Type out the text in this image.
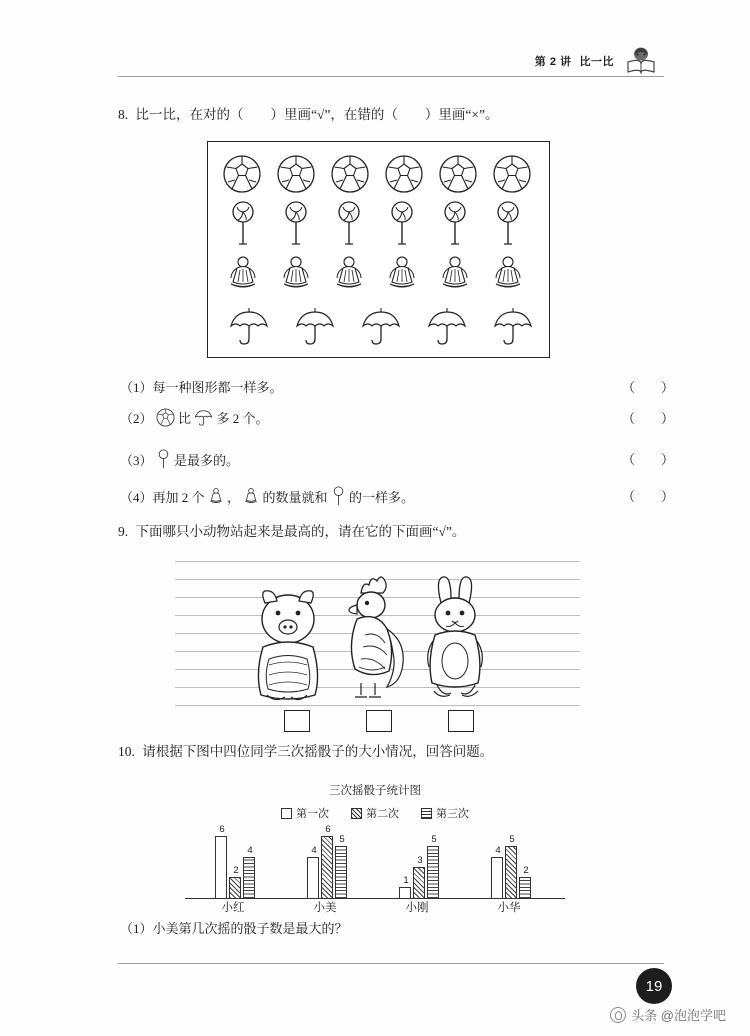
第 2 讲 比一比
8. 比一比，在对的（　　）里画“√”，在错的（　　）里画“×”。
（1）每一种图形都一样多。	（　　）
（2） 比 多 2 个。	（　　）
（3） 是最多的。	（　　）
（4）再加 2 个 ， 的数量就和 的一样多。	（　　）
9. 下面哪只小动物站起来是最高的，请在它的下面画“√”。
10. 请根据下图中四位同学三次摇骰子的大小情况，回答问题。
三次摇骰子统计图
第一次	第二次	第三次
6
2
4
小红
4
6
5
小美
1
3
5
小刚
4
5
2
小华
（1）小美第几次摇的骰子数是最大的？
19
头条 @泡泡学吧
